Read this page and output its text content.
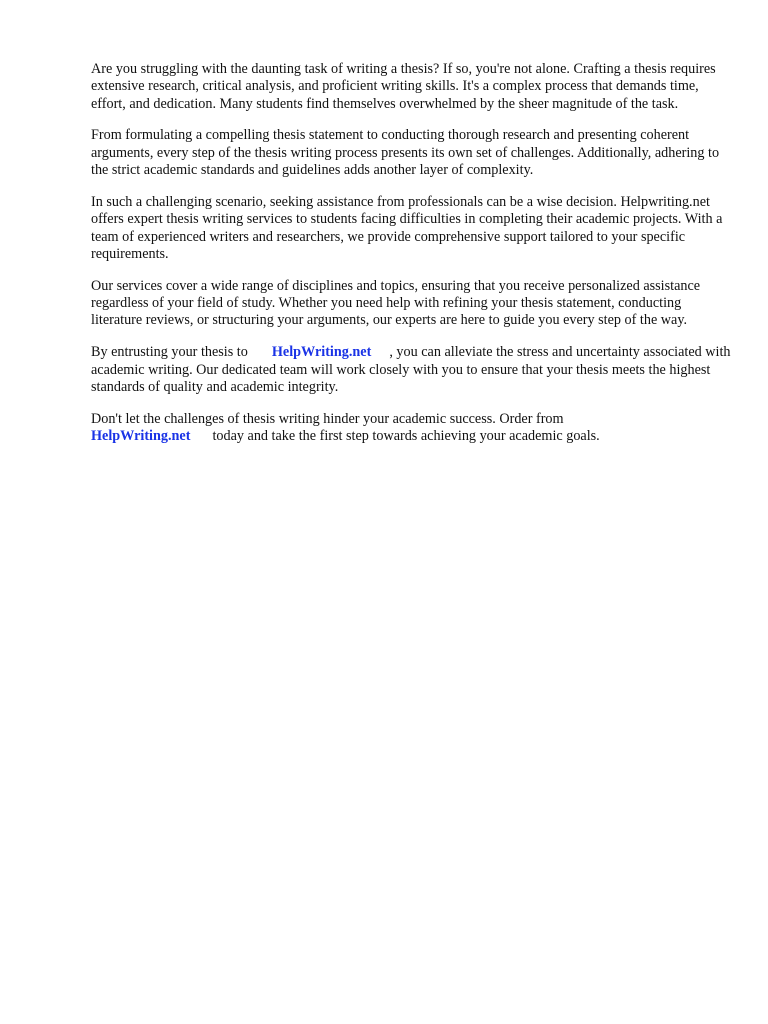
Are you struggling with the daunting task of writing a thesis? If so, you're not alone. Crafting a thesis requires extensive research, critical analysis, and proficient writing skills. It's a complex process that demands time, effort, and dedication. Many students find themselves overwhelmed by the sheer magnitude of the task.

From formulating a compelling thesis statement to conducting thorough research and presenting coherent arguments, every step of the thesis writing process presents its own set of challenges. Additionally, adhering to the strict academic standards and guidelines adds another layer of complexity.

In such a challenging scenario, seeking assistance from professionals can be a wise decision. Helpwriting.net offers expert thesis writing services to students facing difficulties in completing their academic projects. With a team of experienced writers and researchers, we provide comprehensive support tailored to your specific requirements.

Our services cover a wide range of disciplines and topics, ensuring that you receive personalized assistance regardless of your field of study. Whether you need help with refining your thesis statement, conducting literature reviews, or structuring your arguments, our experts are here to guide you every step of the way.

By entrusting your thesis to HelpWriting.net , you can alleviate the stress and uncertainty associated with academic writing. Our dedicated team will work closely with you to ensure that your thesis meets the highest standards of quality and academic integrity.

Don't let the challenges of thesis writing hinder your academic success. Order from
HelpWriting.net today and take the first step towards achieving your academic goals.
